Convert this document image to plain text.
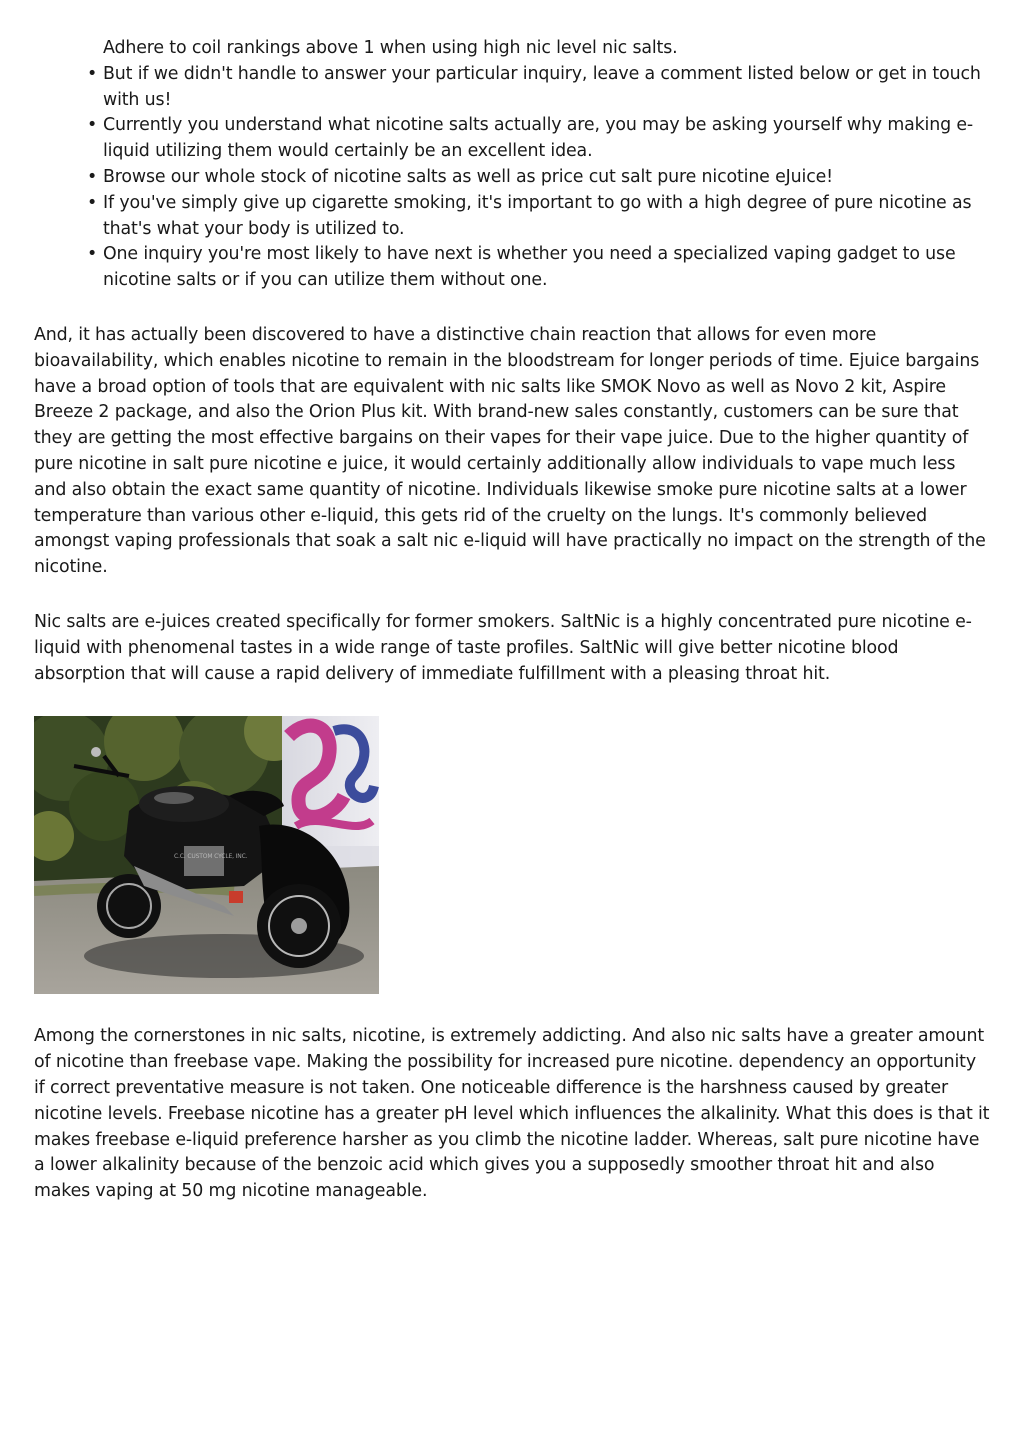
Adhere to coil rankings above 1 when using high nic level nic salts.
• But if we didn't handle to answer your particular inquiry, leave a comment listed below or get in touch with us!
• Currently you understand what nicotine salts actually are, you may be asking yourself why making e-liquid utilizing them would certainly be an excellent idea.
• Browse our whole stock of nicotine salts as well as price cut salt pure nicotine eJuice!
• If you've simply give up cigarette smoking, it's important to go with a high degree of pure nicotine as that's what your body is utilized to.
• One inquiry you're most likely to have next is whether you need a specialized vaping gadget to use nicotine salts or if you can utilize them without one.

And, it has actually been discovered to have a distinctive chain reaction that allows for even more bioavailability, which enables nicotine to remain in the bloodstream for longer periods of time. Ejuice bargains have a broad option of tools that are equivalent with nic salts like SMOK Novo as well as Novo 2 kit, Aspire Breeze 2 package, and also the Orion Plus kit. With brand-new sales constantly, customers can be sure that they are getting the most effective bargains on their vapes for their vape juice. Due to the higher quantity of pure nicotine in salt pure nicotine e juice, it would certainly additionally allow individuals to vape much less and also obtain the exact same quantity of nicotine. Individuals likewise smoke pure nicotine salts at a lower temperature than various other e-liquid, this gets rid of the cruelty on the lungs. It's commonly believed amongst vaping professionals that soak a salt nic e-liquid will have practically no impact on the strength of the nicotine.

Nic salts are e-juices created specifically for former smokers. SaltNic is a highly concentrated pure nicotine e-liquid with phenomenal tastes in a wide range of taste profiles. SaltNic will give better nicotine blood absorption that will cause a rapid delivery of immediate fulfillment with a pleasing throat hit.

C.C. CUSTOM CYCLE, INC.

Among the cornerstones in nic salts, nicotine, is extremely addicting. And also nic salts have a greater amount of nicotine than freebase vape. Making the possibility for increased pure nicotine. dependency an opportunity if correct preventative measure is not taken. One noticeable difference is the harshness caused by greater nicotine levels. Freebase nicotine has a greater pH level which influences the alkalinity. What this does is that it makes freebase e-liquid preference harsher as you climb the nicotine ladder. Whereas, salt pure nicotine have a lower alkalinity because of the benzoic acid which gives you a supposedly smoother throat hit and also makes vaping at 50 mg nicotine manageable.
